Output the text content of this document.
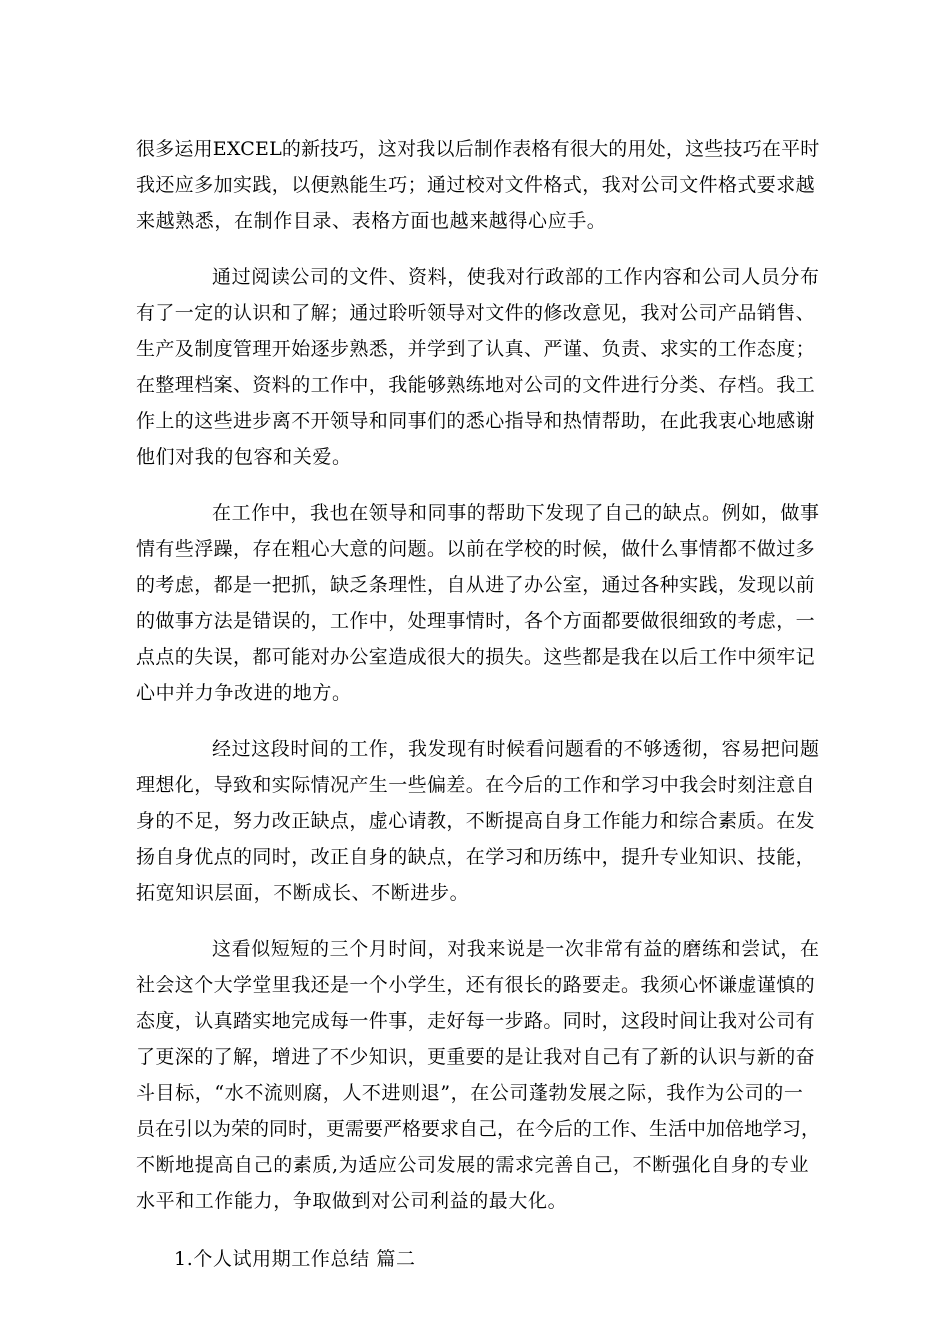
很多运用EXCEL的新技巧，这对我以后制作表格有很大的用处，这些技巧在平时

我还应多加实践，以便熟能生巧；通过校对文件格式，我对公司文件格式要求越

来越熟悉，在制作目录、表格方面也越来越得心应手。

通过阅读公司的文件、资料，使我对行政部的工作内容和公司人员分布

有了一定的认识和了解；通过聆听领导对文件的修改意见，我对公司产品销售、

生产及制度管理开始逐步熟悉，并学到了认真、严谨、负责、求实的工作态度；

在整理档案、资料的工作中，我能够熟练地对公司的文件进行分类、存档。我工

作上的这些进步离不开领导和同事们的悉心指导和热情帮助，在此我衷心地感谢

他们对我的包容和关爱。

在工作中，我也在领导和同事的帮助下发现了自己的缺点。例如，做事

情有些浮躁，存在粗心大意的问题。以前在学校的时候，做什么事情都不做过多

的考虑，都是一把抓，缺乏条理性，自从进了办公室，通过各种实践，发现以前

的做事方法是错误的，工作中，处理事情时，各个方面都要做很细致的考虑，一

点点的失误，都可能对办公室造成很大的损失。这些都是我在以后工作中须牢记

心中并力争改进的地方。

经过这段时间的工作，我发现有时候看问题看的不够透彻，容易把问题

理想化，导致和实际情况产生一些偏差。在今后的工作和学习中我会时刻注意自

身的不足，努力改正缺点，虚心请教，不断提高自身工作能力和综合素质。在发

扬自身优点的同时，改正自身的缺点，在学习和历练中，提升专业知识、技能，

拓宽知识层面，不断成长、不断进步。

这看似短短的三个月时间，对我来说是一次非常有益的磨练和尝试，在

社会这个大学堂里我还是一个小学生，还有很长的路要走。我须心怀谦虚谨慎的

态度，认真踏实地完成每一件事，走好每一步路。同时，这段时间让我对公司有

了更深的了解，增进了不少知识，更重要的是让我对自己有了新的认识与新的奋

斗目标，“水不流则腐，人不进则退”，在公司蓬勃发展之际，我作为公司的一

员在引以为荣的同时，更需要严格要求自己，在今后的工作、生活中加倍地学习，

不断地提高自己的素质,为适应公司发展的需求完善自己，不断强化自身的专业

水平和工作能力，争取做到对公司利益的最大化。

1.个人试用期工作总结 篇二
